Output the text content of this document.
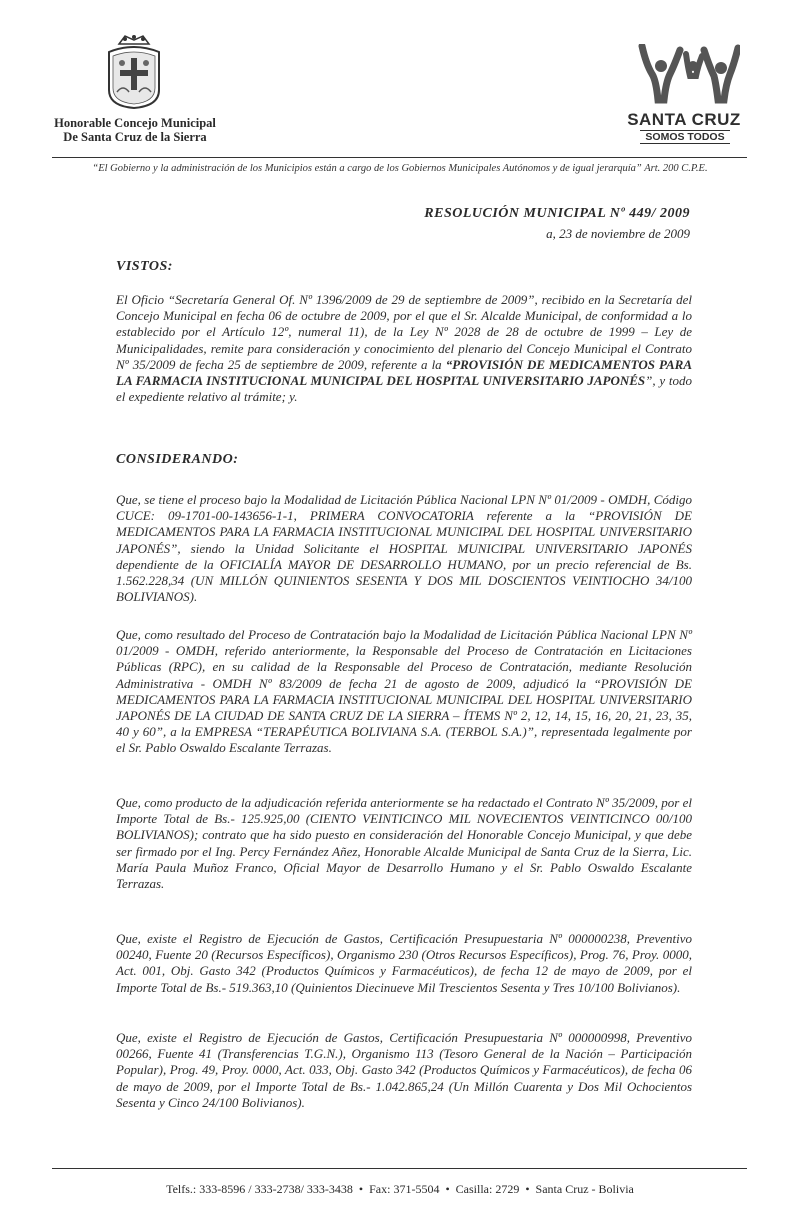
Honorable Concejo Municipal
De Santa Cruz de la Sierra
SANTA CRUZ
SOMOS TODOS
“El Gobierno y la administración de los Municipios están a cargo de los Gobiernos Municipales Autónomos y de igual jerarquía” Art. 200 C.P.E.
RESOLUCIÓN MUNICIPAL Nº 449/ 2009
a, 23 de noviembre de 2009
VISTOS:
El Oficio “Secretaría General Of. Nº 1396/2009 de 29 de septiembre de 2009”, recibido en la Secretaría del Concejo Municipal en fecha 06 de octubre de 2009, por el que el Sr. Alcalde Municipal, de conformidad a lo establecido por el Artículo 12º, numeral 11), de la Ley Nº 2028 de 28 de octubre de 1999 – Ley de Municipalidades, remite para consideración y conocimiento del plenario del Concejo Municipal el Contrato Nº 35/2009 de fecha 25 de septiembre de 2009, referente a la “PROVISIÓN DE MEDICAMENTOS PARA LA FARMACIA INSTITUCIONAL MUNICIPAL DEL HOSPITAL UNIVERSITARIO JAPONÉS”, y todo el expediente relativo al trámite; y.
CONSIDERANDO:
Que, se tiene el proceso bajo la Modalidad de Licitación Pública Nacional LPN Nº 01/2009 - OMDH, Código CUCE: 09-1701-00-143656-1-1, PRIMERA CONVOCATORIA referente a la “PROVISIÓN DE MEDICAMENTOS PARA LA FARMACIA INSTITUCIONAL MUNICIPAL DEL HOSPITAL UNIVERSITARIO JAPONÉS”, siendo la Unidad Solicitante el HOSPITAL MUNICIPAL UNIVERSITARIO JAPONÉS dependiente de la OFICIALÍA MAYOR DE DESARROLLO HUMANO, por un precio referencial de Bs. 1.562.228,34 (UN MILLÓN QUINIENTOS SESENTA Y DOS MIL DOSCIENTOS VEINTIOCHO 34/100 BOLIVIANOS).
Que, como resultado del Proceso de Contratación bajo la Modalidad de Licitación Pública Nacional LPN Nº 01/2009 - OMDH, referido anteriormente, la Responsable del Proceso de Contratación en Licitaciones Públicas (RPC), en su calidad de la Responsable del Proceso de Contratación, mediante Resolución Administrativa - OMDH Nº 83/2009 de fecha 21 de agosto de 2009, adjudicó la “PROVISIÓN DE MEDICAMENTOS PARA LA FARMACIA INSTITUCIONAL MUNICIPAL DEL HOSPITAL UNIVERSITARIO JAPONÉS DE LA CIUDAD DE SANTA CRUZ DE LA SIERRA – ÍTEMS Nº 2, 12, 14, 15, 16, 20, 21, 23, 35, 40 y 60”, a la EMPRESA “TERAPÉUTICA BOLIVIANA S.A. (TERBOL S.A.)”, representada legalmente por el Sr. Pablo Oswaldo Escalante Terrazas.
Que, como producto de la adjudicación referida anteriormente se ha redactado el Contrato Nº 35/2009, por el Importe Total de Bs.- 125.925,00 (CIENTO VEINTICINCO MIL NOVECIENTOS VEINTICINCO 00/100 BOLIVIANOS); contrato que ha sido puesto en consideración del Honorable Concejo Municipal, y que debe ser firmado por el Ing. Percy Fernández Añez, Honorable Alcalde Municipal de Santa Cruz de la Sierra, Lic. María Paula Muñoz Franco, Oficial Mayor de Desarrollo Humano y el Sr. Pablo Oswaldo Escalante Terrazas.
Que, existe el Registro de Ejecución de Gastos, Certificación Presupuestaria Nº 000000238, Preventivo 00240, Fuente 20 (Recursos Específicos), Organismo 230 (Otros Recursos Específicos), Prog. 76, Proy. 0000, Act. 001, Obj. Gasto 342 (Productos Químicos y Farmacéuticos), de fecha 12 de mayo de 2009, por el Importe Total de Bs.- 519.363,10 (Quinientos Diecinueve Mil Trescientos Sesenta y Tres 10/100 Bolivianos).
Que, existe el Registro de Ejecución de Gastos, Certificación Presupuestaria Nº 000000998, Preventivo 00266, Fuente 41 (Transferencias T.G.N.), Organismo 113 (Tesoro General de la Nación – Participación Popular), Prog. 49, Proy. 0000, Act. 033, Obj. Gasto 342 (Productos Químicos y Farmacéuticos), de fecha 06 de mayo de 2009, por el Importe Total de Bs.- 1.042.865,24 (Un Millón Cuarenta y Dos Mil Ochocientos Sesenta y Cinco 24/100 Bolivianos).
Telfs.: 333-8596 / 333-2738/ 333-3438 • Fax: 371-5504 • Casilla: 2729 • Santa Cruz - Bolivia
